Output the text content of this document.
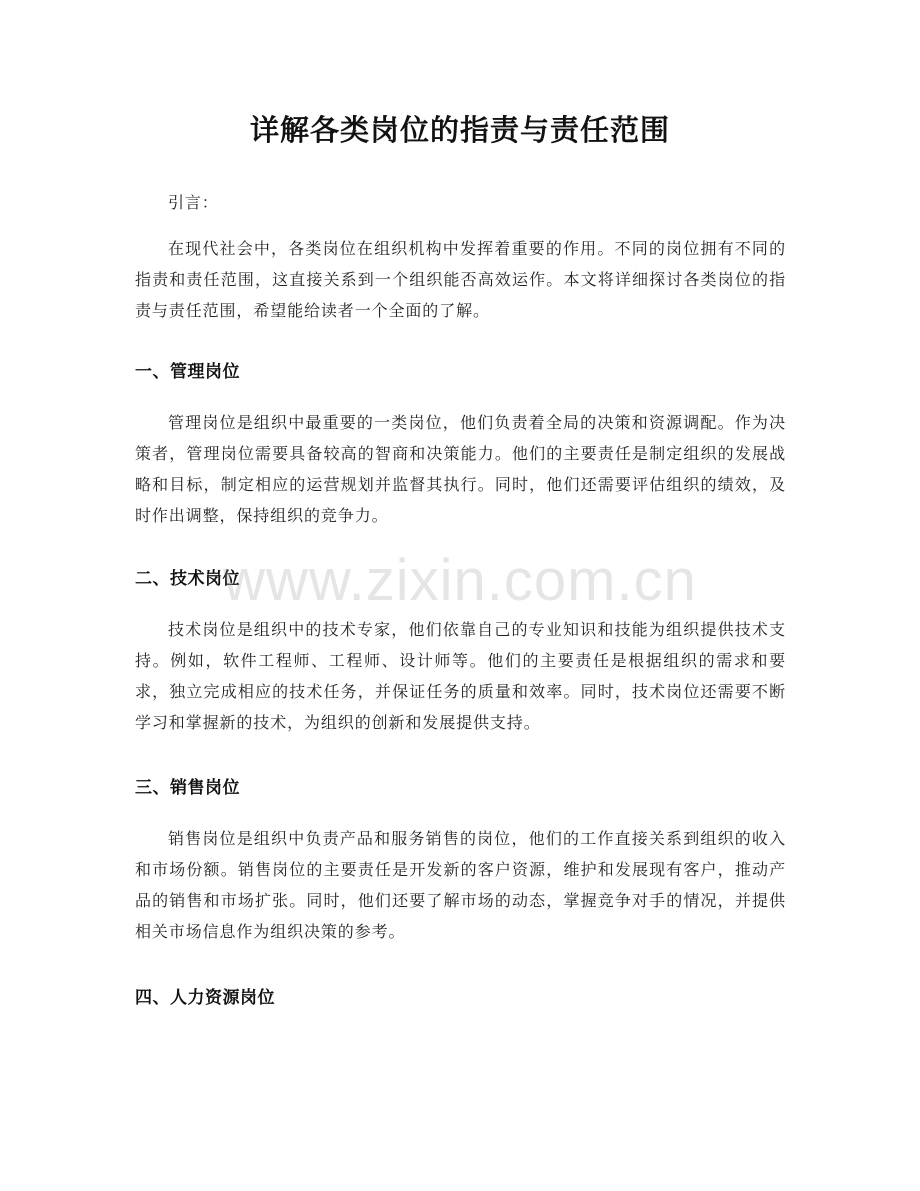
详解各类岗位的指责与责任范围
引言：

在现代社会中，各类岗位在组织机构中发挥着重要的作用。不同的岗位拥有不同的指责和责任范围，这直接关系到一个组织能否高效运作。本文将详细探讨各类岗位的指责与责任范围，希望能给读者一个全面的了解。

一、管理岗位

管理岗位是组织中最重要的一类岗位，他们负责着全局的决策和资源调配。作为决策者，管理岗位需要具备较高的智商和决策能力。他们的主要责任是制定组织的发展战略和目标，制定相应的运营规划并监督其执行。同时，他们还需要评估组织的绩效，及时作出调整，保持组织的竞争力。

二、技术岗位

技术岗位是组织中的技术专家，他们依靠自己的专业知识和技能为组织提供技术支持。例如，软件工程师、工程师、设计师等。他们的主要责任是根据组织的需求和要求，独立完成相应的技术任务，并保证任务的质量和效率。同时，技术岗位还需要不断学习和掌握新的技术，为组织的创新和发展提供支持。

三、销售岗位

销售岗位是组织中负责产品和服务销售的岗位，他们的工作直接关系到组织的收入和市场份额。销售岗位的主要责任是开发新的客户资源，维护和发展现有客户，推动产品的销售和市场扩张。同时，他们还要了解市场的动态，掌握竞争对手的情况，并提供相关市场信息作为组织决策的参考。

四、人力资源岗位
www.zixin.com.cn
